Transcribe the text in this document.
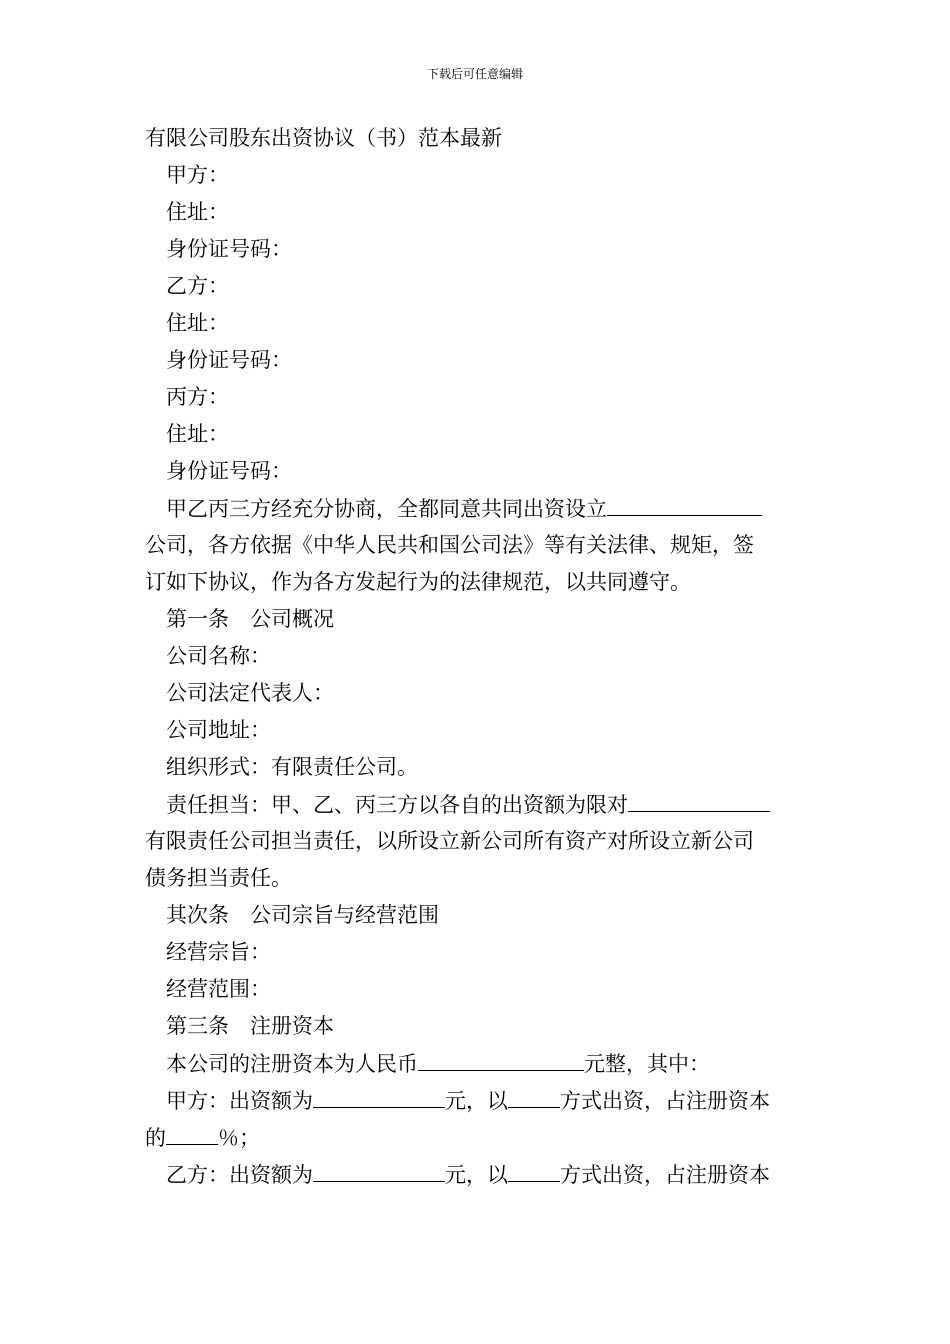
下载后可任意编辑
有限公司股东出资协议（书）范本最新
甲方：
住址：
身份证号码：
乙方：
住址：
身份证号码：
丙方：
住址：
身份证号码：
甲乙丙三方经充分协商，全都同意共同出资设立
公司，各方依据《中华人民共和国公司法》等有关法律、规矩，签
订如下协议，作为各方发起行为的法律规范，以共同遵守。
第一条　公司概况
公司名称：
公司法定代表人：
公司地址：
组织形式：有限责任公司。
责任担当：甲、乙、丙三方以各自的出资额为限对
有限责任公司担当责任，以所设立新公司所有资产对所设立新公司
债务担当责任。
其次条　公司宗旨与经营范围
经营宗旨：
经营范围：
第三条　注册资本
本公司的注册资本为人民币	元整，其中：
甲方：出资额为	元，以 方式出资，占注册资本
的 ％；
乙方：出资额为	元，以 方式出资，占注册资本
